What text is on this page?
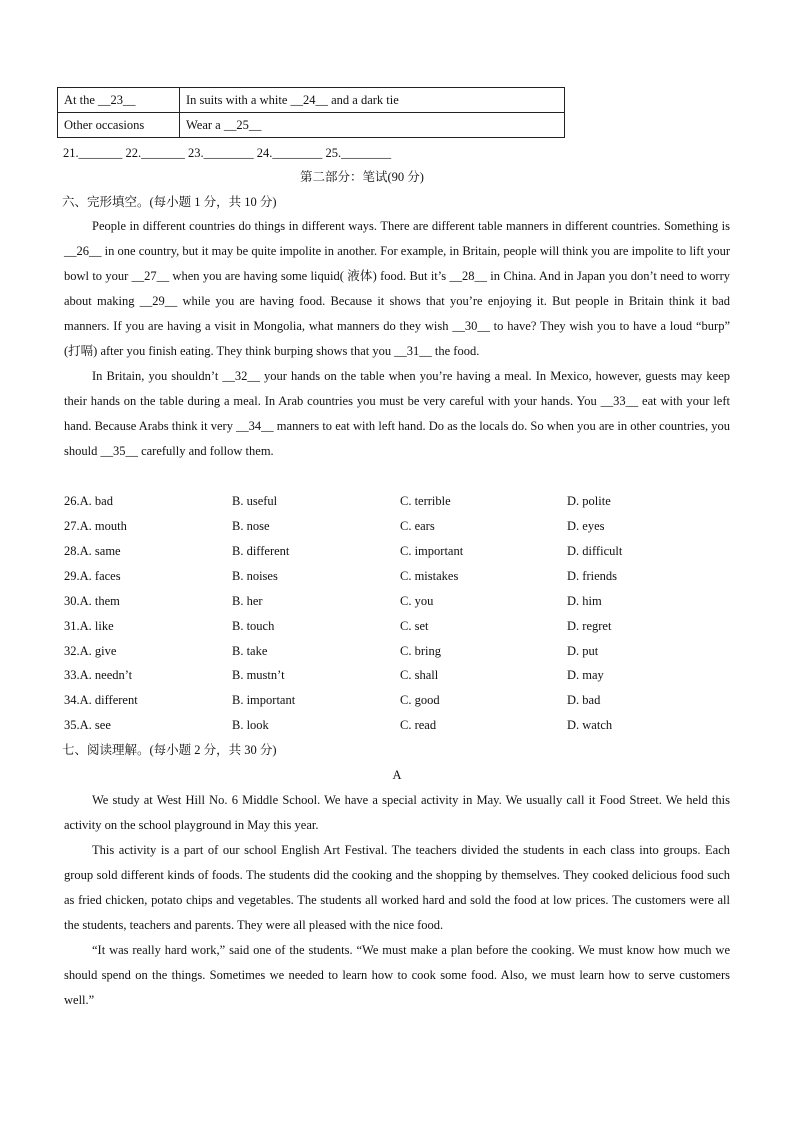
At the __23__	In suits with a white __24__ and a dark tie
Other occasions	Wear a __25__
21._______ 22._______ 23.________ 24.________ 25.________
第二部分：笔试(90 分)
六、完形填空。(每小题 1 分，共 10 分)

People in different countries do things in different ways. There are different table manners in different countries. Something is __26__ in one country, but it may be quite impolite in another. For example, in Britain, people will think you are impolite to lift your bowl to your __27__ when you are having some liquid( 液体) food. But it’s __28__ in China. And in Japan you don’t need to worry about making __29__ while you are having food. Because it shows that you’re enjoying it. But people in Britain think it bad manners. If you are having a visit in Mongolia, what manners do they wish __30__ to have? They wish you to have a loud “burp” (打嗝) after you finish eating. They think burping shows that you __31__ the food.

In Britain, you shouldn’t __32__ your hands on the table when you’re having a meal. In Mexico, however, guests may keep their hands on the table during a meal. In Arab countries you must be very careful with your hands. You __33__ eat with your left hand. Because Arabs think it very __34__ manners to eat with left hand. Do as the locals do. So when you are in other countries, you should __35__ carefully and follow them.

26.A. bad	B. useful	C. terrible	D. polite
27.A. mouth	B. nose	C. ears	D. eyes
28.A. same	B. different	C. important	D. difficult
29.A. faces	B. noises	C. mistakes	D. friends
30.A. them	B. her	C. you	D. him
31.A. like	B. touch	C. set	D. regret
32.A. give	B. take	C. bring	D. put
33.A. needn’t	B. mustn’t	C. shall	D. may
34.A. different	B. important	C. good	D. bad
35.A. see	B. look	C. read	D. watch
七、阅读理解。(每小题 2 分，共 30 分)
A

We study at West Hill No. 6 Middle School. We have a special activity in May. We usually call it Food Street. We held this activity on the school playground in May this year.

This activity is a part of our school English Art Festival. The teachers divided the students in each class into groups. Each group sold different kinds of foods. The students did the cooking and the shopping by themselves. They cooked delicious food such as fried chicken, potato chips and vegetables. The students all worked hard and sold the food at low prices. The customers were all the students, teachers and parents. They were all pleased with the nice food.

“It was really hard work,” said one of the students. “We must make a plan before the cooking. We must know how much we should spend on the things. Sometimes we needed to learn how to cook some food. Also, we must learn how to serve customers well.”
